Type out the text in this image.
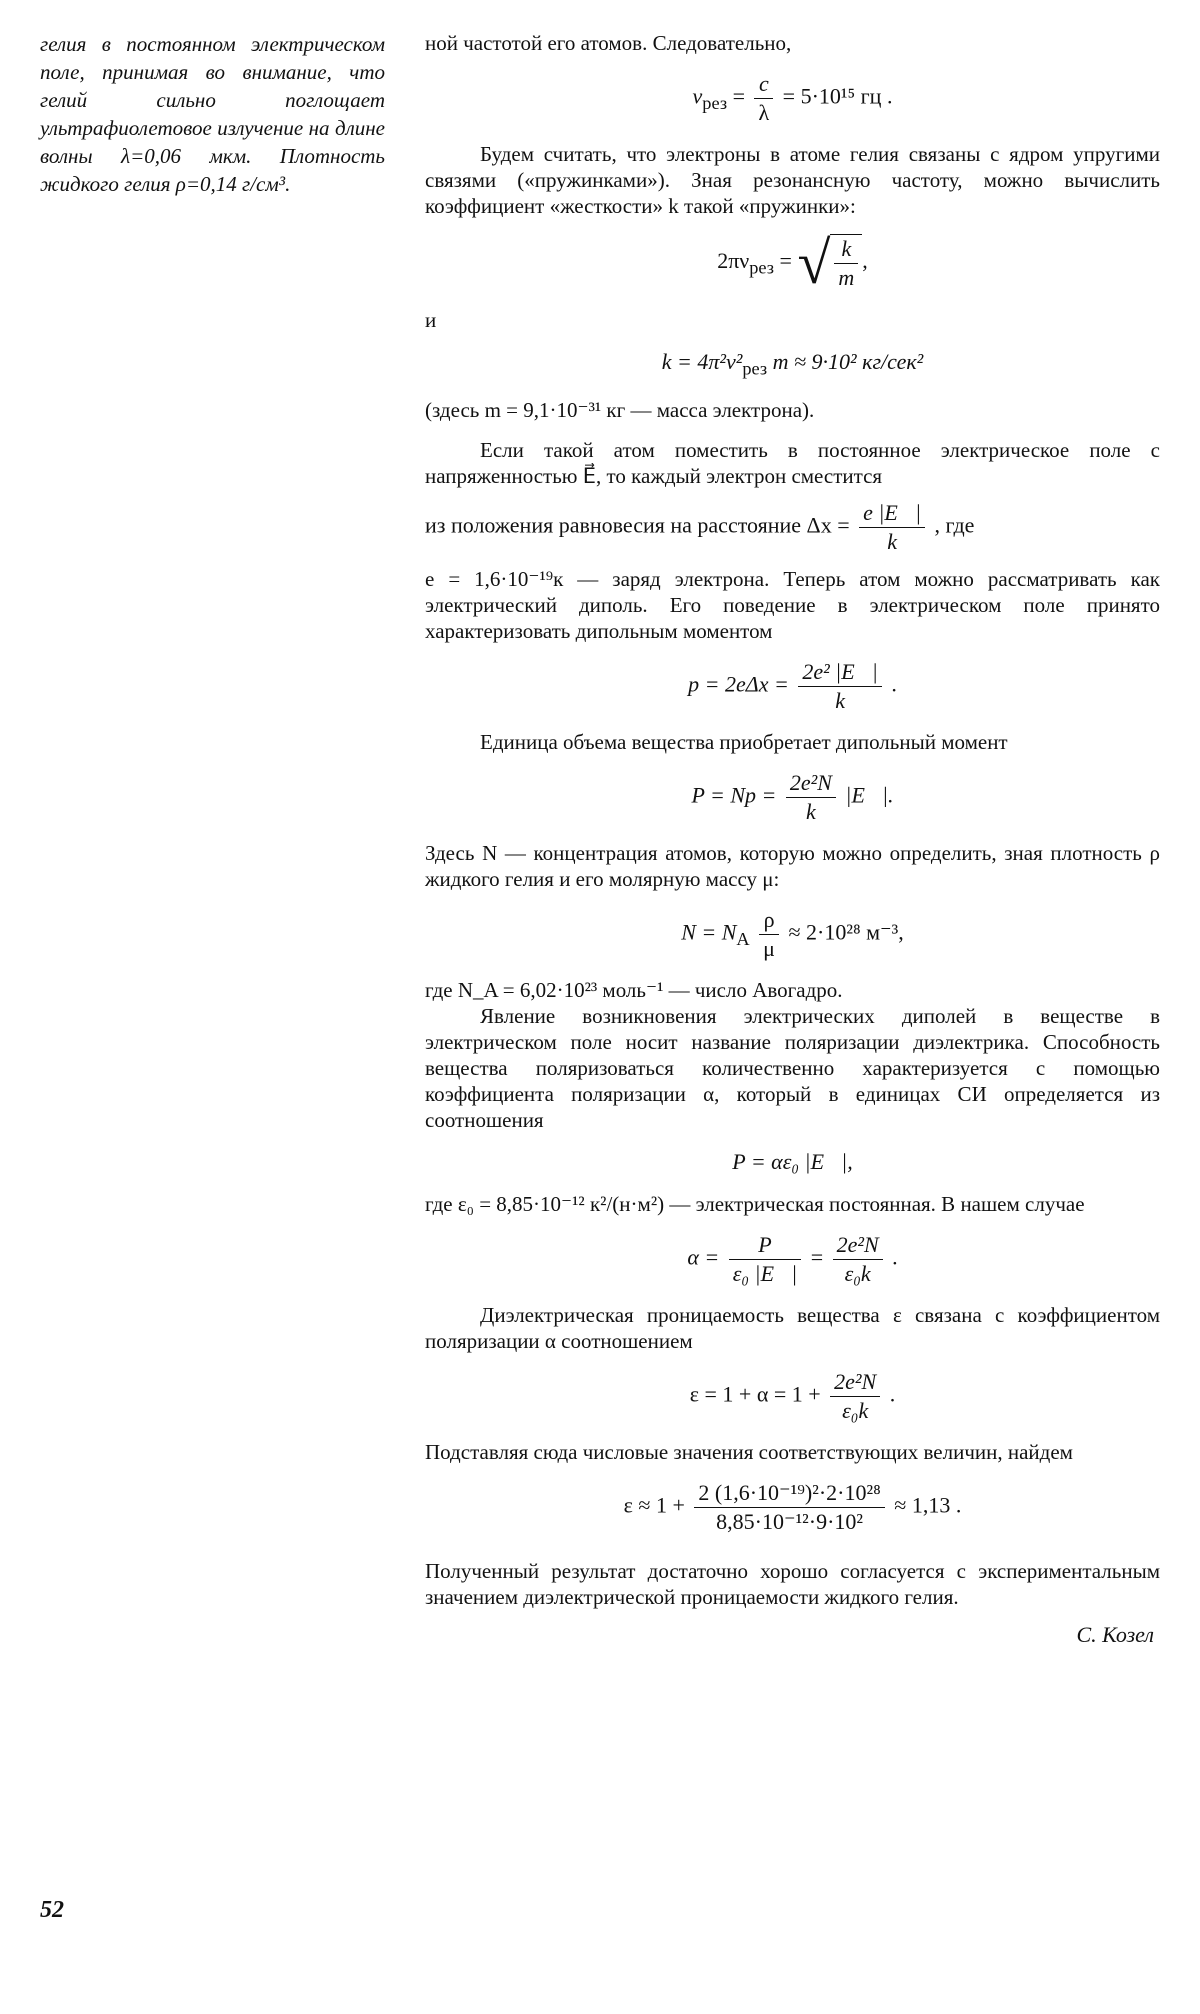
гелия в постоянном электрическом поле, принимая во внимание, что гелий сильно поглощает ультрафиолетовое излучение на длине волны λ=0,06 мкм. Плотность жидкого гелия ρ=0,14 г/см³.

ной частотой его атомов. Следовательно,

$\nu_{рез} = \frac{c}{\lambda} = 5\cdot 10^{15}$ гц .

Будем считать, что электроны в атоме гелия связаны с ядром упругими связями («пружинками»). Зная резонансную частоту, можно вычислить коэффициент «жесткости» k такой «пружинки»:

$2\pi\nu_{рез}$ = √ $\frac{k}{m}$ ,

и

$k = 4\pi^2\nu^2_{рез}$ m ≈ 9·10² кг/сек²

(здесь m = 9,1·10⁻³¹ кг — масса электрона).

Если такой атом поместить в постоянное электрическое поле с напряженностью E⃗, то каждый электрон сместится

из положения равновесия на расстояние $\Delta x = \frac{e |E⃗|}{k}$ , где

e = 1,6·10⁻¹⁹к — заряд электрона. Теперь атом можно рассматривать как электрический диполь. Его поведение в электрическом поле принято характеризовать дипольным моментом

$p = 2e\Delta x = \frac{\text{2e² |E⃗|}}{k}$ .

Единица объема вещества приобретает дипольный момент

$P = Np = \frac{\text{2e²N}}{k}$ |E⃗|.

Здесь N — концентрация атомов, которую можно определить, зная плотность ρ жидкого гелия и его молярную массу μ:

$N = N_A \frac{\rho}{\mu} \approx 2\cdot 10^{28}$ м⁻³,

где N_A = 6,02·10²³ моль⁻¹ — число Авогадро.

Явление возникновения электрических диполей в веществе в электрическом поле носит название поляризации диэлектрика. Способность вещества поляризоваться количественно характеризуется с помощью коэффициента поляризации α, который в единицах СИ определяется из соотношения

P = αε₀ |E⃗|,

где ε₀ = 8,85·10⁻¹² к²/(н·м²) — электрическая постоянная. В нашем случае

$\alpha = \frac{P}{\text{ε₀ |E⃗|}} = \frac{\text{2e²N}}{\text{ε₀k}}$ .

Диэлектрическая проницаемость вещества ε связана с коэффициентом поляризации α соотношением

$\varepsilon = 1 + \alpha = 1 + \frac{\text{2e²N}}{\text{ε₀k}}$ .

Подставляя сюда числовые значения соответствующих величин, найдем

$\varepsilon \approx 1 + \frac{\text{2 (1,6·10⁻¹⁹)²·2·10²⁸}}{\text{8,85·10⁻¹²·9·10²}} \approx 1,13$ .

Полученный результат достаточно хорошо согласуется с экспериментальным значением диэлектрической проницаемости жидкого гелия.

С. Козел
52
